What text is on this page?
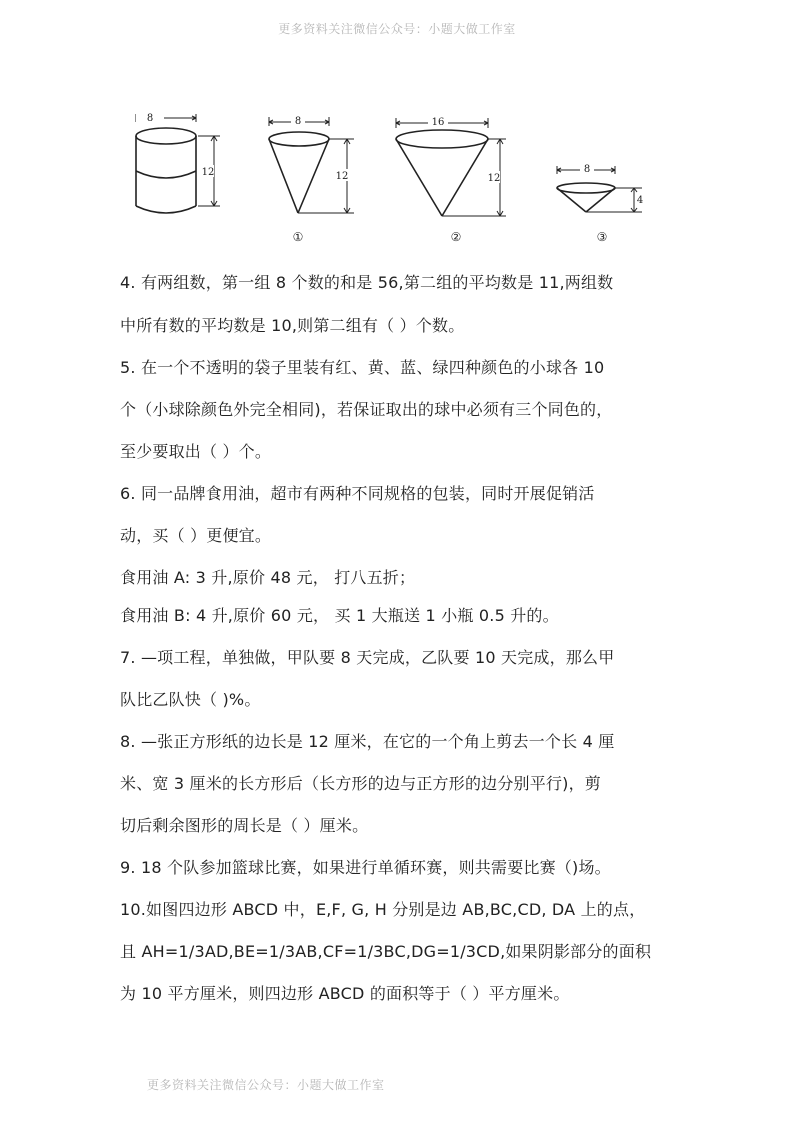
更多资料关注微信公众号：小题大做工作室
8
12
8
12
①
16
12
②
8
4
③
4. 有两组数，第一组 8 个数的和是 56,第二组的平均数是 11,两组数
中所有数的平均数是 10,则第二组有（ ）个数。
5. 在一个不透明的袋子里装有红、黄、蓝、绿四种颜色的小球各 10
个（小球除颜色外完全相同)，若保证取出的球中必须有三个同色的，
至少要取出（ ）个。
6. 同一品牌食用油，超市有两种不同规格的包装，同时开展促销活
动，买（ ）更便宜。
食用油 A: 3 升,原价 48 元， 打八五折；
食用油 B: 4 升,原价 60 元， 买 1 大瓶送 1 小瓶 0.5 升的。
7. —项工程，单独做，甲队要 8 天完成，乙队要 10 天完成，那么甲
队比乙队快（ )%。
8. —张正方形纸的边长是 12 厘米，在它的一个角上剪去一个长 4 厘
米、宽 3 厘米的长方形后（长方形的边与正方形的边分别平行)，剪
切后剩余图形的周长是（ ）厘米。
9. 18 个队参加篮球比赛，如果进行单循环赛，则共需要比赛（)场。
10.如图四边形 ABCD 中，E,F, G, H 分别是边 AB,BC,CD, DA 上的点，
且 AH=1/3AD,BE=1/3AB,CF=1/3BC,DG=1/3CD,如果阴影部分的面积
为 10 平方厘米，则四边形 ABCD 的面积等于（ ）平方厘米。
更多资料关注微信公众号：小题大做工作室
